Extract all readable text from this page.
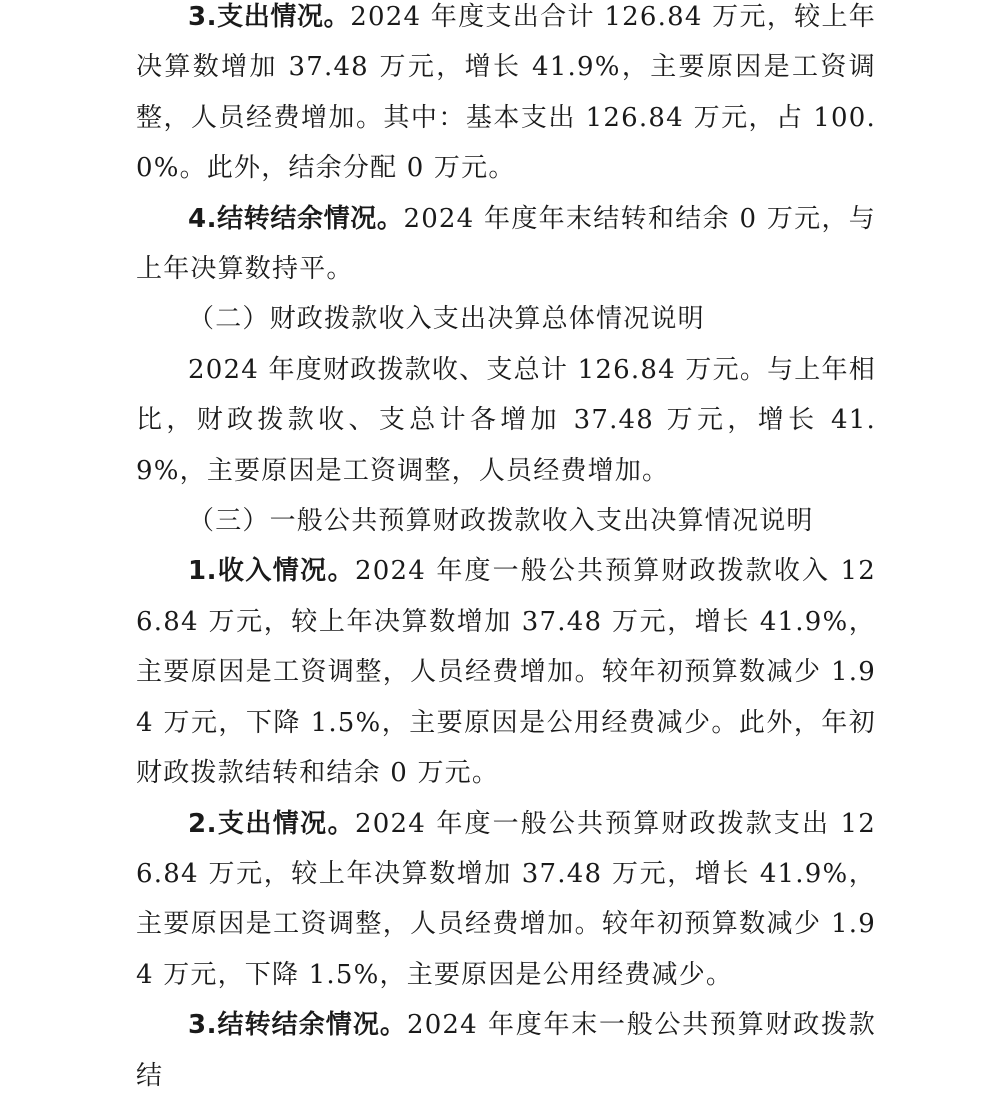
3.支出情况。2024 年度支出合计 126.84 万元，较上年决算数增加 37.48 万元，增长 41.9%，主要原因是工资调整，人员经费增加。其中：基本支出 126.84 万元，占 100.0%。此外，结余分配 0 万元。

4.结转结余情况。2024 年度年末结转和结余 0 万元，与上年决算数持平。

（二）财政拨款收入支出决算总体情况说明

2024 年度财政拨款收、支总计 126.84 万元。与上年相比，财政拨款收、支总计各增加 37.48 万元，增长 41.9%，主要原因是工资调整，人员经费增加。

（三）一般公共预算财政拨款收入支出决算情况说明

1.收入情况。2024 年度一般公共预算财政拨款收入 126.84 万元，较上年决算数增加 37.48 万元，增长 41.9%，主要原因是工资调整，人员经费增加。较年初预算数减少 1.94 万元，下降 1.5%，主要原因是公用经费减少。此外，年初财政拨款结转和结余 0 万元。

2.支出情况。2024 年度一般公共预算财政拨款支出 126.84 万元，较上年决算数增加 37.48 万元，增长 41.9%，主要原因是工资调整，人员经费增加。较年初预算数减少 1.94 万元，下降 1.5%，主要原因是公用经费减少。

3.结转结余情况。2024 年度年末一般公共预算财政拨款结
